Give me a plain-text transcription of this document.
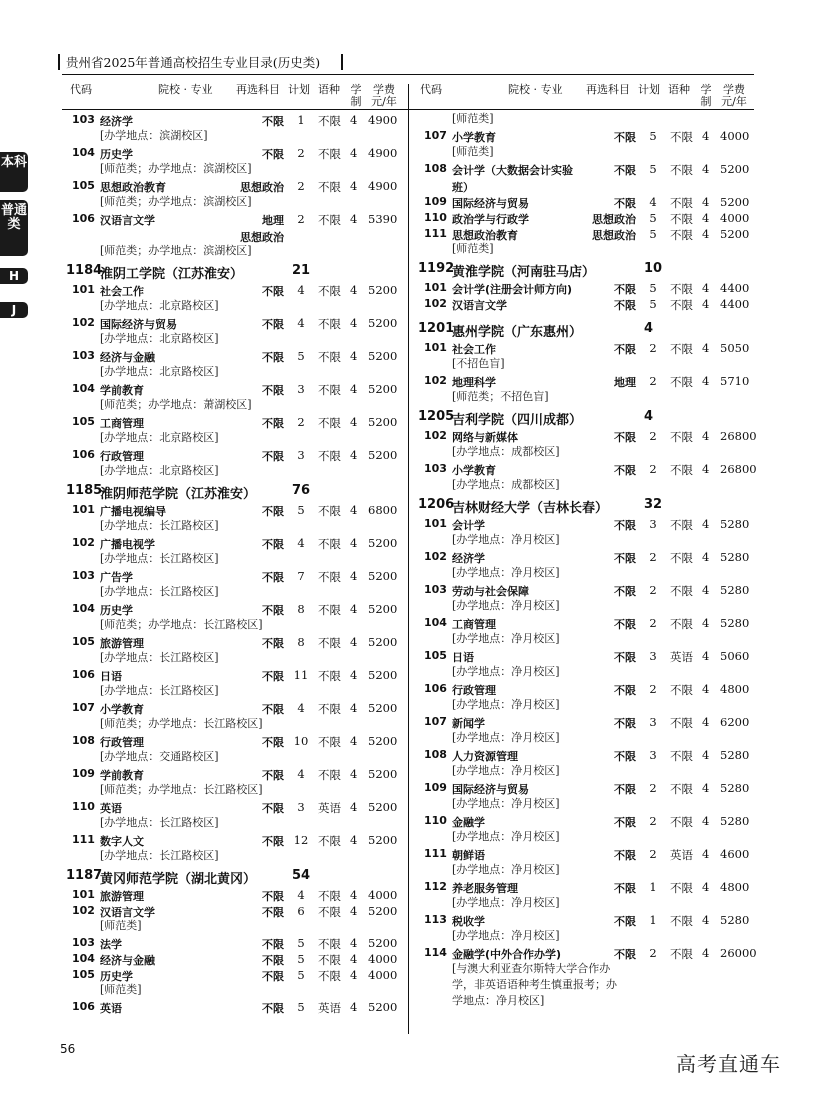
贵州省2025年普通高校招生专业目录(历史类)
代码	院校 · 专业 再选科目 计划 语种 学
制
学费
元/年
代码	院校 · 专业 再选科目 计划 语种 学
制
学费
元/年
本科
普通类
H
J
103 经济学	不限	1	不限 4 4900
[办学地点：滨湖校区]
104 历史学	不限	2	不限 4 4900
[师范类；办学地点：滨湖校区]
105 思想政治教育	思想政治	2	不限 4 4900
[师范类；办学地点：滨湖校区]
106 汉语言文学	地理	2	不限 4 5390
思想政治
[师范类；办学地点：滨湖校区]
1184
淮阴工学院（江苏淮安）	21
101 社会工作	不限	4	不限 4 5200
[办学地点：北京路校区]
102 国际经济与贸易	不限	4	不限 4 5200
[办学地点：北京路校区]
103 经济与金融	不限	5	不限 4 5200
[办学地点：北京路校区]
104 学前教育	不限	3	不限 4 5200
[师范类；办学地点：萧湖校区]
105 工商管理	不限	2	不限 4 5200
[办学地点：北京路校区]
106 行政管理	不限	3	不限 4 5200
[办学地点：北京路校区]
1185
淮阴师范学院（江苏淮安）	76
101 广播电视编导	不限	5	不限 4 6800
[办学地点：长江路校区]
102 广播电视学	不限	4	不限 4 5200
[办学地点：长江路校区]
103 广告学	不限	7	不限 4 5200
[办学地点：长江路校区]
104 历史学	不限	8	不限 4 5200
[师范类；办学地点：长江路校区]
105 旅游管理	不限	8	不限 4 5200
[办学地点：长江路校区]
106 日语	不限 11 不限 4 5200
[办学地点：长江路校区]
107 小学教育	不限	4	不限 4 5200
[师范类；办学地点：长江路校区]
108 行政管理	不限 10 不限 4 5200
[办学地点：交通路校区]
109 学前教育	不限	4	不限 4 5200
[师范类；办学地点：长江路校区]
110 英语	不限	3	英语 4 5200
[办学地点：长江路校区]
111 数字人文	不限 12 不限 4 5200
[办学地点：长江路校区]
1187
黄冈师范学院（湖北黄冈）	54
101 旅游管理	不限	4	不限 4 4000
102 汉语言文学	不限	6	不限 4 5200
[师范类]
103 法学	不限	5	不限 4 5200
104 经济与金融	不限	5	不限 4 4000
105 历史学	不限	5	不限 4 4000
[师范类]
106 英语	不限	5	英语 4 5200
[师范类]
107 小学教育	不限	5	不限 4 4000
[师范类]
108 会计学（大数据会计实验	不限	5	不限 4 5200
班）
109 国际经济与贸易	不限	4	不限 4 5200
110 政治学与行政学	思想政治	5	不限 4 4000
111 思想政治教育	思想政治	5	不限 4 5200
[师范类]
1192
黄淮学院（河南驻马店）	10
101 会计学(注册会计师方向)	不限	5	不限 4 4400
102 汉语言文学	不限	5	不限 4 4400
1201
惠州学院（广东惠州）	4
101 社会工作	不限	2	不限 4 5050
[不招色盲]
102 地理科学	地理	2	不限 4 5710
[师范类；不招色盲]
1205
吉利学院（四川成都）	4
102 网络与新媒体	不限	2	不限 4 26800
[办学地点：成都校区]
103 小学教育	不限	2	不限 4 26800
[办学地点：成都校区]
1206
吉林财经大学（吉林长春）	32
101 会计学	不限	3	不限 4 5280
[办学地点：净月校区]
102 经济学	不限	2	不限 4 5280
[办学地点：净月校区]
103 劳动与社会保障	不限	2	不限 4 5280
[办学地点：净月校区]
104 工商管理	不限	2	不限 4 5280
[办学地点：净月校区]
105 日语	不限	3	英语 4 5060
[办学地点：净月校区]
106 行政管理	不限	2	不限 4 4800
[办学地点：净月校区]
107 新闻学	不限	3	不限 4 6200
[办学地点：净月校区]
108 人力资源管理	不限	3	不限 4 5280
[办学地点：净月校区]
109 国际经济与贸易	不限	2	不限 4 5280
[办学地点：净月校区]
110 金融学	不限	2	不限 4 5280
[办学地点：净月校区]
111 朝鲜语	不限	2	英语 4 4600
[办学地点：净月校区]
112 养老服务管理	不限	1	不限 4 4800
[办学地点：净月校区]
113 税收学	不限	1	不限 4 5280
[办学地点：净月校区]
114 金融学(中外合作办学)	不限	2	不限 4 26000
[与澳大利亚查尔斯特大学合作办
学，非英语语种考生慎重报考；办
学地点：净月校区]
56
高考直通车
